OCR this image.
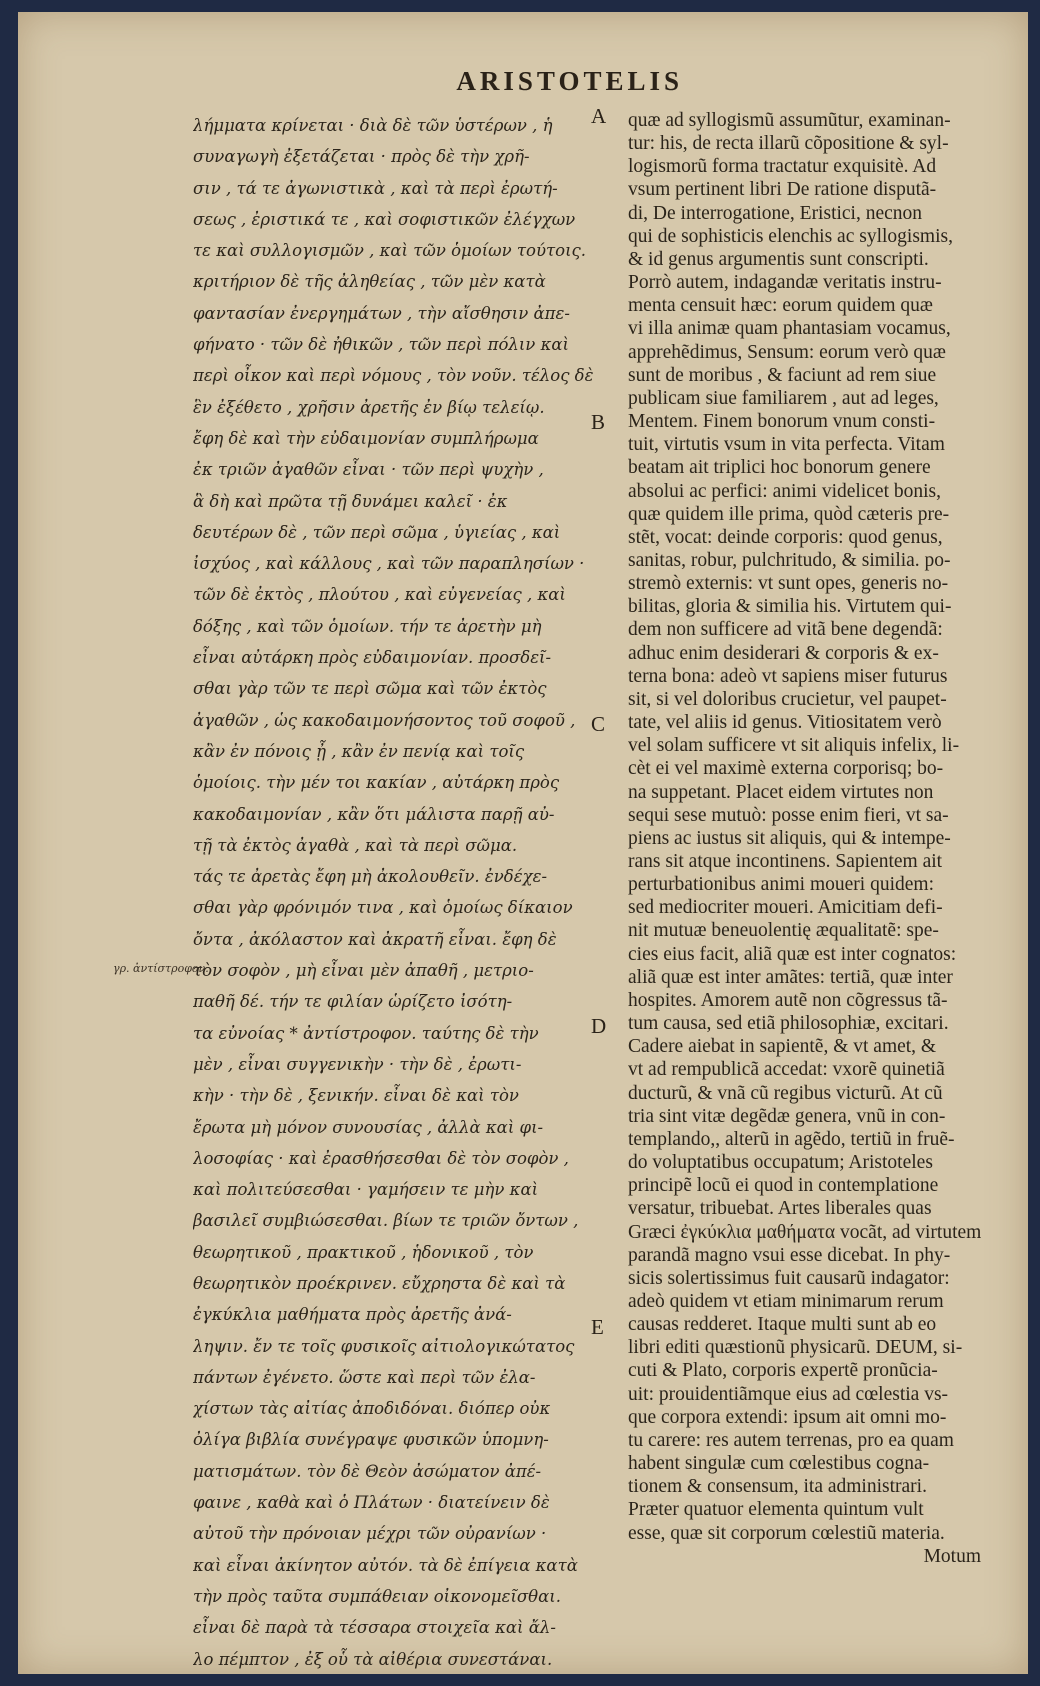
ARISTOTELIS
λήμματα κρίνεται · διὰ δὲ τῶν ὑστέρων , ἡ
συναγωγὴ ἐξετάζεται · πρὸς δὲ τὴν χρῆ-
σιν , τά τε ἀγωνιστικὰ , καὶ τὰ περὶ ἐρωτή-
σεως , ἐριστικά τε , καὶ σοφιστικῶν ἐλέγχων
τε καὶ συλλογισμῶν , καὶ τῶν ὁμοίων τούτοις.
κριτήριον δὲ τῆς ἀληθείας , τῶν μὲν κατὰ
φαντασίαν ἐνεργημάτων , τὴν αἴσθησιν ἀπε-
φήνατο · τῶν δὲ ἠθικῶν , τῶν περὶ πόλιν καὶ
περὶ οἶκον καὶ περὶ νόμους , τὸν νοῦν. τέλος δὲ
ἓν ἐξέθετο , χρῆσιν ἀρετῆς ἐν βίῳ τελείῳ.
ἔφη δὲ καὶ τὴν εὐδαιμονίαν συμπλήρωμα
ἐκ τριῶν ἀγαθῶν εἶναι · τῶν περὶ ψυχὴν ,
ἃ δὴ καὶ πρῶτα τῇ δυνάμει καλεῖ · ἐκ
δευτέρων δὲ , τῶν περὶ σῶμα , ὑγιείας , καὶ
ἰσχύος , καὶ κάλλους , καὶ τῶν παραπλησίων ·
τῶν δὲ ἐκτὸς , πλούτου , καὶ εὐγενείας , καὶ
δόξης , καὶ τῶν ὁμοίων. τήν τε ἀρετὴν μὴ
εἶναι αὐτάρκη πρὸς εὐδαιμονίαν. προσδεῖ-
σθαι γὰρ τῶν τε περὶ σῶμα καὶ τῶν ἐκτὸς
ἀγαθῶν , ὡς κακοδαιμονήσοντος τοῦ σοφοῦ ,
κἂν ἐν πόνοις ᾖ , κἂν ἐν πενίᾳ καὶ τοῖς
ὁμοίοις. τὴν μέν τοι κακίαν , αὐτάρκη πρὸς
κακοδαιμονίαν , κἂν ὅτι μάλιστα παρῇ αὐ-
τῇ τὰ ἐκτὸς ἀγαθὰ , καὶ τὰ περὶ σῶμα.
τάς τε ἀρετὰς ἔφη μὴ ἀκολουθεῖν. ἐνδέχε-
σθαι γὰρ φρόνιμόν τινα , καὶ ὁμοίως δίκαιον
ὄντα , ἀκόλαστον καὶ ἀκρατῆ εἶναι. ἔφη δὲ
τὸν σοφὸν , μὴ εἶναι μὲν ἀπαθῆ , μετριο-
παθῆ δέ. τήν τε φιλίαν ὡρίζετο ἰσότη-
τα εὐνοίας * ἀντίστροφον. ταύτης δὲ τὴν
μὲν , εἶναι συγγενικὴν · τὴν δὲ , ἐρωτι-
κὴν · τὴν δὲ , ξενικήν. εἶναι δὲ καὶ τὸν
ἔρωτα μὴ μόνον συνουσίας , ἀλλὰ καὶ φι-
λοσοφίας · καὶ ἐρασθήσεσθαι δὲ τὸν σοφὸν ,
καὶ πολιτεύσεσθαι · γαμήσειν τε μὴν καὶ
βασιλεῖ συμβιώσεσθαι. βίων τε τριῶν ὄντων ,
θεωρητικοῦ , πρακτικοῦ , ἡδονικοῦ , τὸν
θεωρητικὸν προέκρινεν. εὔχρηστα δὲ καὶ τὰ
ἐγκύκλια μαθήματα πρὸς ἀρετῆς ἀνά-
ληψιν. ἔν τε τοῖς φυσικοῖς αἰτιολογικώτατος
πάντων ἐγένετο. ὥστε καὶ περὶ τῶν ἐλα-
χίστων τὰς αἰτίας ἀποδιδόναι. διόπερ οὐκ
ὀλίγα βιβλία συνέγραψε φυσικῶν ὑπομνη-
ματισμάτων. τὸν δὲ Θεὸν ἀσώματον ἀπέ-
φαινε , καθὰ καὶ ὁ Πλάτων · διατείνειν δὲ
αὐτοῦ τὴν πρόνοιαν μέχρι τῶν οὐρανίων ·
καὶ εἶναι ἀκίνητον αὐτόν. τὰ δὲ ἐπίγεια κατὰ
τὴν πρὸς ταῦτα συμπάθειαν οἰκονομεῖσθαι.
εἶναι δὲ παρὰ τὰ τέσσαρα στοιχεῖα καὶ ἄλ-
λο πέμπτον , ἐξ οὗ τὰ αἰθέρια συνεστάναι.
A
B
C
D
E
γρ. ἀντίστροφον.
quæ ad syllogismũ assumũtur, examinan-
tur: his, de recta illarũ cõpositione & syl-
logismorũ forma tractatur exquisitè. Ad
vsum pertinent libri De ratione disputã-
di, De interrogatione, Eristici, necnon
qui de sophisticis elenchis ac syllogismis,
& id genus argumentis sunt conscripti.
Porrò autem, indagandæ veritatis instru-
menta censuit hæc: eorum quidem quæ
vi illa animæ quam phantasiam vocamus,
apprehẽdimus, Sensum: eorum verò quæ
sunt de moribus , & faciunt ad rem siue
publicam siue familiarem , aut ad leges,
Mentem. Finem bonorum vnum consti-
tuit, virtutis vsum in vita perfecta. Vitam
beatam ait triplici hoc bonorum genere
absolui ac perfici: animi videlicet bonis,
quæ quidem ille prima, quòd cæteris pre-
stẽt, vocat: deinde corporis: quod genus,
sanitas, robur, pulchritudo, & similia. po-
stremò externis: vt sunt opes, generis no-
bilitas, gloria & similia his. Virtutem qui-
dem non sufficere ad vitã bene degendã:
adhuc enim desiderari & corporis & ex-
terna bona: adeò vt sapiens miser futurus
sit, si vel doloribus crucietur, vel paupet-
tate, vel aliis id genus. Vitiositatem verò
vel solam sufficere vt sit aliquis infelix, li-
cèt ei vel maximè externa corporisq; bo-
na suppetant. Placet eidem virtutes non
sequi sese mutuò: posse enim fieri, vt sa-
piens ac iustus sit aliquis, qui & intempe-
rans sit atque incontinens. Sapientem ait
perturbationibus animi moueri quidem:
sed mediocriter moueri. Amicitiam defi-
nit mutuæ beneuolentię æqualitatẽ: spe-
cies eius facit, aliã quæ est inter cognatos:
aliã quæ est inter amãtes: tertiã, quæ inter
hospites. Amorem autẽ non cõgressus tã-
tum causa, sed etiã philosophiæ, excitari.
Cadere aiebat in sapientẽ, & vt amet, &
vt ad rempublicã accedat: vxorẽ quinetiã
ducturũ, & vnã cũ regibus victurũ. At cũ
tria sint vitæ degẽdæ genera, vnũ in con-
templando,, alterũ in agẽdo, tertiũ in fruẽ-
do voluptatibus occupatum; Aristoteles
principẽ locũ ei quod in contemplatione
versatur, tribuebat. Artes liberales quas
Græci ἐγκύκλια μαθήματα vocãt, ad virtutem
parandã magno vsui esse dicebat. In phy-
sicis solertissimus fuit causarũ indagator:
adeò quidem vt etiam minimarum rerum
causas redderet. Itaque multi sunt ab eo
libri editi quæstionũ physicarũ. DEUM, si-
cuti & Plato, corporis expertẽ pronũcia-
uit: prouidentiãmque eius ad cœlestia vs-
que corpora extendi: ipsum ait omni mo-
tu carere: res autem terrenas, pro ea quam
habent singulæ cum cœlestibus cogna-
tionem & consensum, ita administrari.
Præter quatuor elementa quintum vult
esse, quæ sit corporum cœlestiũ materia.
Motum
